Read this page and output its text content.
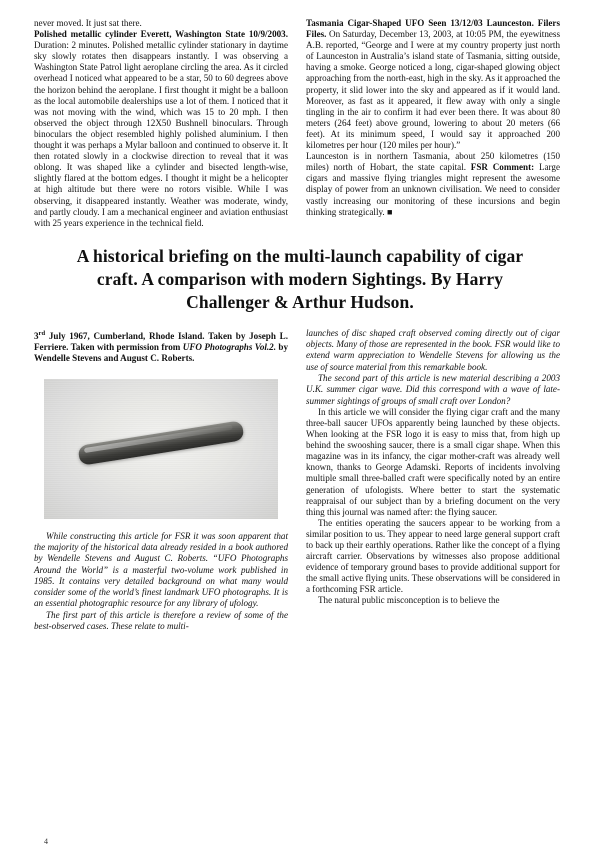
never moved. It just sat there.

Polished metallic cylinder Everett, Washington State 10/9/2003. Duration: 2 minutes. Polished metallic cylinder stationary in daytime sky slowly rotates then disappears instantly. I was observing a Washington State Patrol light aeroplane circling the area. As it circled overhead I noticed what appeared to be a star, 50 to 60 degrees above the horizon behind the aeroplane. I first thought it might be a balloon as the local automobile dealerships use a lot of them. I noticed that it was not moving with the wind, which was 15 to 20 mph. I then observed the object through 12X50 Bushnell binoculars. Through binoculars the object resembled highly polished aluminium. I then thought it was perhaps a Mylar balloon and continued to observe it. It then rotated slowly in a clockwise direction to reveal that it was oblong. It was shaped like a cylinder and bisected length-wise, slightly flared at the bottom edges. I thought it might be a helicopter at high altitude but there were no rotors visible. While I was observing, it disappeared instantly. Weather was moderate, windy, and partly cloudy. I am a mechanical engineer and aviation enthusiast with 25 years experience in the technical field.

Tasmania Cigar-Shaped UFO Seen 13/12/03 Launceston. Filers Files. On Saturday, December 13, 2003, at 10:05 PM, the eyewitness A.B. reported, “George and I were at my country property just north of Launceston in Australia’s island state of Tasmania, sitting outside, having a smoke. George noticed a long, cigar-shaped glowing object approaching from the north-east, high in the sky. As it approached the property, it slid lower into the sky and appeared as if it would land. Moreover, as fast as it appeared, it flew away with only a single tingling in the air to confirm it had ever been there. It was about 80 meters (264 feet) above ground, lowering to about 20 meters (66 feet). At its minimum speed, I would say it approached 200 kilometres per hour (120 miles per hour).”

Launceston is in northern Tasmania, about 250 kilometres (150 miles) north of Hobart, the state capital. FSR Comment: Large cigars and massive flying triangles might represent the awesome display of power from an unknown civilisation. We need to consider vastly increasing our monitoring of these incursions and begin thinking strategically. ■

A historical briefing on the multi-launch capability of cigar
craft. A comparison with modern Sightings. By Harry
Challenger & Arthur Hudson.

3rd July 1967, Cumberland, Rhode Island. Taken by Joseph L. Ferriere. Taken with permission from UFO Photographs Vol.2. by Wendelle Stevens and August C. Roberts.

While constructing this article for FSR it was soon apparent that the majority of the historical data already resided in a book authored by Wendelle Stevens and August C. Roberts. “UFO Photographs Around the World” is a masterful two-volume work published in 1985. It contains very detailed background on what many would consider some of the world’s finest landmark UFO photographs. It is an essential photographic resource for any library of ufology.

The first part of this article is therefore a review of some of the best-observed cases. These relate to multi-

launches of disc shaped craft observed coming directly out of cigar objects. Many of those are represented in the book. FSR would like to extend warm appreciation to Wendelle Stevens for allowing us the use of source material from this remarkable book.

The second part of this article is new material describing a 2003 U.K. summer cigar wave. Did this correspond with a wave of late-summer sightings of groups of small craft over London?

In this article we will consider the flying cigar craft and the many three-ball saucer UFOs apparently being launched by these objects. When looking at the FSR logo it is easy to miss that, from high up behind the swooshing saucer, there is a small cigar shape. When this magazine was in its infancy, the cigar mother-craft was already well known, thanks to George Adamski. Reports of incidents involving multiple small three-balled craft were specifically noted by an entire generation of ufologists. Where better to start the systematic reappraisal of our subject than by a briefing document on the very thing this journal was named after: the flying saucer.

The entities operating the saucers appear to be working from a similar position to us. They appear to need large general support craft to back up their earthly operations. Rather like the concept of a flying aircraft carrier. Observations by witnesses also propose additional evidence of temporary ground bases to provide additional support for the small active flying units. These observations will be considered in a forthcoming FSR article.

The natural public misconception is to believe the

4
